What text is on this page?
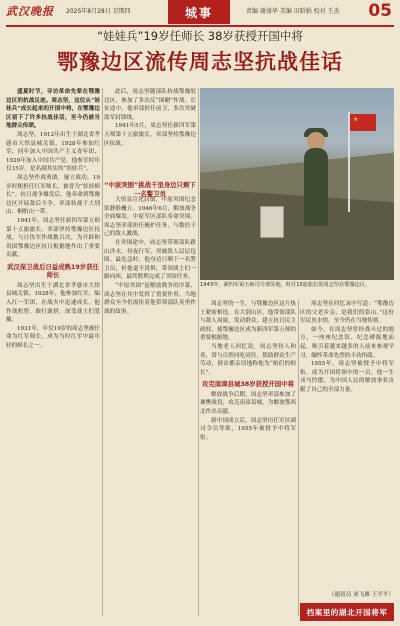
武汉晚报 2025年8月28日 星期四	城事	责编 谢盛华 美编 田昭娟 校对 王杰 05
“娃娃兵”19岁任师长 38岁获授开国中将
鄂豫边区流传周志坚抗战佳话

盛夏时节，寻访革命先辈在鄂豫边区的抗战足迹。周志坚，这位从“娃娃兵”成长起来的开国中将，在鄂豫边区留下了许多抗战佳话，至今仍被当地群众传颂。

周志坚，1912年出生于湖北省孝感市大悟县城关镇，1928年参加红军，同年加入中国共产主义青年团，1929年加入中国共产党。他参军时年仅15岁，是名副其实的“娃娃兵”。

周志坚作战勇敢，屡立战功。19岁时便担任红军师长，被誉为“娃娃师长”。抗日战争爆发后，他奉命到鄂豫边区开展敌后斗争，率部转战于大别山、桐柏山一带。

1941年，周志坚任新四军第五师第十五旅旅长，率部坚持鄂豫边区抗战，与日伪军作战数百次，为开辟和巩固鄂豫边区抗日根据地作出了重要贡献。

武汉保卫战后日益成熟19岁获任师长

周志坚出生于湖北省孝感市大悟县城关镇。1928年，他参加红军，编入红一军团，在战火中迅速成长。他作战机智，敢打敢拼，深受战士们爱戴。

1931年，年仅19岁的周志坚被任命为红军师长，成为当时红军中最年轻的师长之一。

此后，周志坚随部队转战鄂豫皖边区，参加了多次反“围剿”作战。长征途中，他率部担任前卫，多次突破敌军封锁线。

1941年5月，周志坚任新四军第五师第十五旅旅长，率部坚持鄂豫边区抗战。

“中原突围”挑战千里身边只剩下一名警卫员

大悟县宣化店镇，中原突围纪念馆静静矗立。1946年6月，解放战争全面爆发，中原军区部队奉命突围。周志坚率部担任掩护任务，与数倍于己的敌人激战。

在突围途中，周志坚带领部队跋山涉水，昼夜行军，突破敌人层层包围。最危急时，他身边只剩下一名警卫员，但他毫不畏惧，带领战士们一路向西，最终胜利完成了突围任务。

“中原突围”是解放战争的序幕，周志坚在其中发挥了重要作用。当地群众至今仍流传着他带领部队英勇作战的故事。

★
1943年，新四军第五师司令部驻地，时任15旅旅长的周志坚在鄂豫边区。

周志坚的一生，与鄂豫边区这片热土紧密相连。在大别山区，他带领部队与敌人周旋，发动群众，建立抗日民主政权，使鄂豫边区成为新四军第五师的重要根据地。

当地老人回忆说，周志坚待人和善，常与百姓同吃同住，帮助群众生产劳动，群众都亲切地称他为“咱们的师长”。

攻克南漳县城38岁获授开国中将

解放战争后期，周志坚率部参加了襄樊战役，攻克南漳县城，为解放鄂西北作出贡献。

新中国成立后，周志坚历任军区副司令员等职，1955年被授予中将军衔。

周志坚在回忆录中写道：“鄂豫边区的父老乡亲，是我们的靠山。”这份军民鱼水情，至今仍在当地传颂。

如今，在周志坚曾经战斗过的地方，一座座纪念馆、纪念碑拔地而起，吸引着越来越多的人前来参观学习，缅怀革命先烈的丰功伟绩。

1955年，周志坚被授予中将军衔，成为开国将领中的一员。他一生戎马倥偬，为中国人民的解放事业贡献了自己的全部力量。

（通讯员 刘飞雄 王平平）
档案里的湖北开国将军
